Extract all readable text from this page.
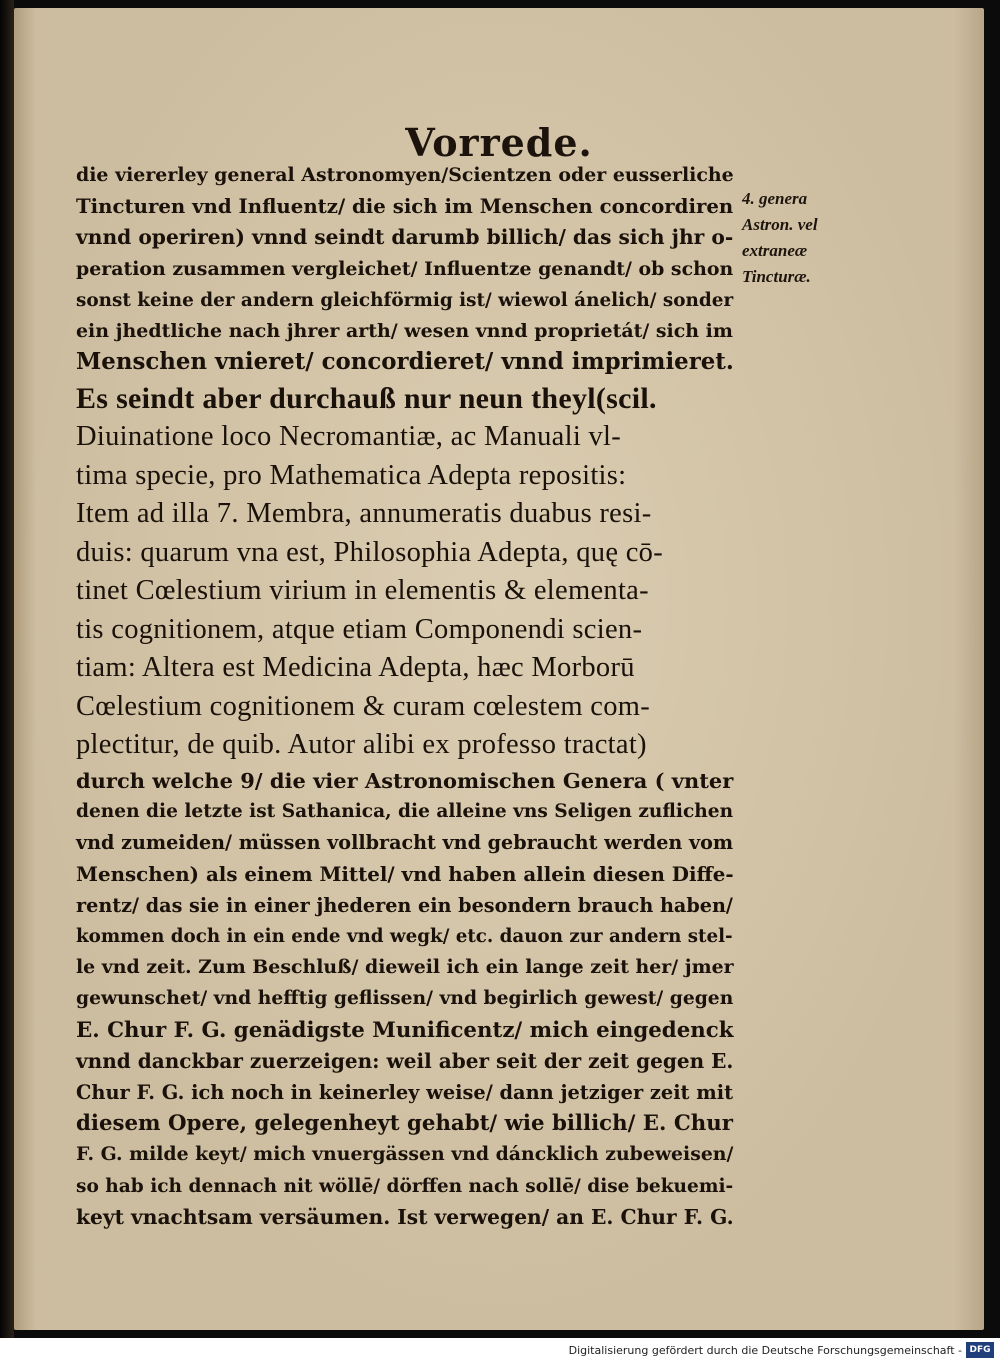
Vorrede.
die viererley general Astronomyen/Scientzen oder eusserliche
Tincturen vnd Influentz/ die sich im Menschen concordiren
vnnd operiren) vnnd seindt darumb billich/ das sich jhr o-
peration zusammen vergleichet/ Influentze genandt/ ob schon
sonst keine der andern gleichförmig ist/ wiewol ánelich/ sonder
ein jhedtliche nach jhrer arth/ wesen vnnd proprietát/ sich im
Menschen vnieret/ concordieret/ vnnd imprimieret.
Es seindt aber durchauß nur neun theyl(scil.
Diuinatione loco Necromantiæ, ac Manuali vl-
tima specie, pro Mathematica Adepta repositis:
Item ad illa 7. Membra, annumeratis duabus resi-
duis: quarum vna est, Philosophia Adepta, quę cō-
tinet Cœlestium virium in elementis & elementa-
tis cognitionem, atque etiam Componendi scien-
tiam: Altera est Medicina Adepta, hæc Morborū
Cœlestium cognitionem & curam cœlestem com-
plectitur, de quib. Autor alibi ex professo tractat)
durch welche 9/ die vier Astronomischen Genera ( vnter
denen die letzte ist Sathanica, die alleine vns Seligen zuflichen
vnd zumeiden/ müssen vollbracht vnd gebraucht werden vom
Menschen) als einem Mittel/ vnd haben allein diesen Diffe-
rentz/ das sie in einer jhederen ein besondern brauch haben/
kommen doch in ein ende vnd wegk/ etc. dauon zur andern stel-
le vnd zeit. Zum Beschluß/ dieweil ich ein lange zeit her/ jmer
gewunschet/ vnd hefftig geflissen/ vnd begirlich gewest/ gegen
E. Chur F. G. genädigste Munificentz/ mich eingedenck
vnnd danckbar zuerzeigen: weil aber seit der zeit gegen E.
Chur F. G. ich noch in keinerley weise/ dann jetziger zeit mit
diesem Opere, gelegenheyt gehabt/ wie billich/ E. Chur
F. G. milde keyt/ mich vnuergässen vnd dáncklich zubeweisen/
so hab ich dennach nit wöllē/ dörffen nach sollē/ dise bekuemi-
keyt vnachtsam versäumen. Ist verwegen/ an E. Chur F. G.
4. genera
Astron. vel
extraneæ
Tincturæ.
Digitalisierung gefördert durch die Deutsche Forschungsgemeinschaft - DFG
